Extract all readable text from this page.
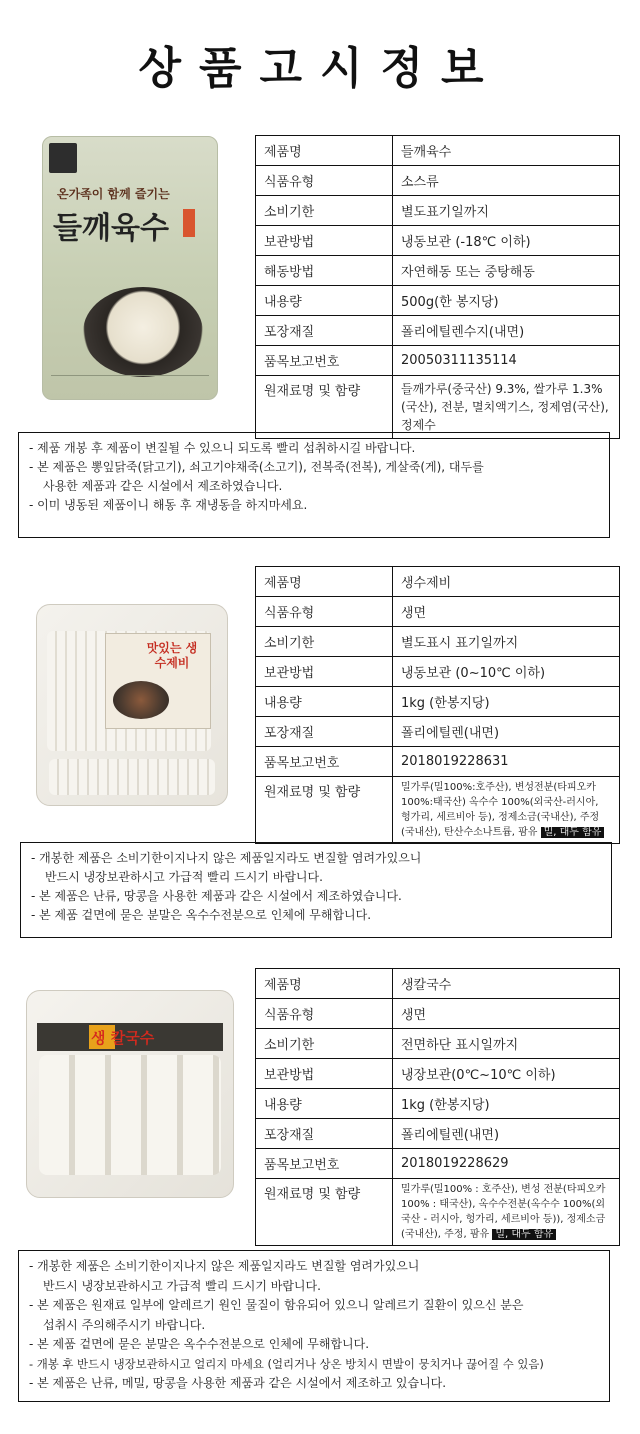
상품고시정보
온가족이 함께 즐기는
들깨육수
제품명	들깨육수
식품유형	소스류
소비기한	별도표기일까지
보관방법	냉동보관 (-18℃ 이하)
해동방법	자연해동 또는 중탕해동
내용량	500g(한 봉지당)
포장재질	폴리에틸렌수지(내면)
품목보고번호	20050311135114
원재료명 및 함량	들깨가루(중국산) 9.3%, 쌀가루 1.3%(국산), 전분, 멸치액기스, 정제염(국산), 정제수
- 제품 개봉 후 제품이 변질될 수 있으니 되도록 빨리 섭취하시길 바랍니다.
- 본 제품은 뽕잎닭죽(닭고기), 쇠고기야채죽(소고기), 전복죽(전복), 게살죽(게), 대두를
사용한 제품과 같은 시설에서 제조하였습니다.
- 이미 냉동된 제품이니 해동 후 재냉동을 하지마세요.
맛있는 생수제비
제품명	생수제비
식품유형	생면
소비기한	별도표시 표기일까지
보관방법	냉동보관 (0~10℃ 이하)
내용량	1kg (한봉지당)
포장재질	폴리에틸렌(내면)
품목보고번호	2018019228631
원재료명 및 함량	밀가루(밀100%:호주산), 변성전분(타피오카 100%:태국산) 옥수수 100%(외국산-러시아, 헝가리, 세르비아 등), 정제소금(국내산), 주정(국내산), 탄산수소나트륨, 팜유 밀, 대두 함유
- 개봉한 제품은 소비기한이지나지 않은 제품일지라도 변질할 염려가있으니
반드시 냉장보관하시고 가급적 빨리 드시기 바랍니다.
- 본 제품은 난류, 땅콩을 사용한 제품과 같은 시설에서 제조하였습니다.
- 본 제품 겉면에 묻은 분말은 옥수수전분으로 인체에 무해합니다.
생 칼국수
제품명	생칼국수
식품유형	생면
소비기한	전면하단 표시일까지
보관방법	냉장보관(0℃~10℃ 이하)
내용량	1kg (한봉지당)
포장재질	폴리에틸렌(내면)
품목보고번호	2018019228629
원재료명 및 함량	밀가루(밀100% : 호주산), 변성 전분(타피오카100% : 태국산), 옥수수전분(옥수수 100%(외국산 - 러시아, 헝가리, 세르비아 등)), 정제소금(국내산), 주정, 팜유 밀, 대두 함유
- 개봉한 제품은 소비기한이지나지 않은 제품일지라도 변질할 염려가있으니
반드시 냉장보관하시고 가급적 빨리 드시기 바랍니다.
- 본 제품은 원재료 일부에 알레르기 원인 물질이 함유되어 있으니 알레르기 질환이 있으신 분은
섭취시 주의해주시기 바랍니다.
- 본 제품 겉면에 묻은 분말은 옥수수전분으로 인체에 무해합니다.
- 개봉 후 반드시 냉장보관하시고 얼리지 마세요 (얼리거나 상온 방치시 면발이 뭉치거나 끊어질 수 있음)
- 본 제품은 난류, 메밀, 땅콩을 사용한 제품과 같은 시설에서 제조하고 있습니다.
